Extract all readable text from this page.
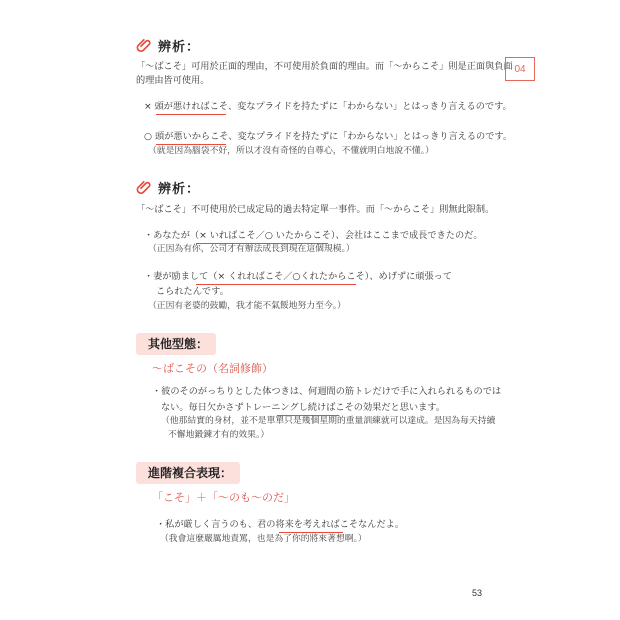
辨析：
「～ばこそ」可用於正面的理由，不可使用於負面的理由。而「～からこそ」則是正面與負面
的理由皆可使用。
× 頭が悪ければこそ、変なプライドを持たずに「わからない」とはっきり言えるのです。
○ 頭が悪いからこそ、変なプライドを持たずに「わからない」とはっきり言えるのです。
（就是因為腦袋不好，所以才沒有奇怪的自尊心，不懂就明白地說不懂。）
04
辨析：
「～ばこそ」不可使用於已成定局的過去特定單一事件。而「～からこそ」則無此限制。
・あなたが（× いればこそ／○ いたからこそ）、会社はここまで成長できたのだ。
（正因為有你，公司才有辦法成長到現在這個規模。）
・妻が励まして（× くれればこそ／○くれたからこそ）、めげずに頑張って
こられたんです。
（正因有老婆的鼓勵，我才能不氣餒地努力至今。）
其他型態：
～ばこその（名詞修飾）
・彼のそのがっちりとした体つきは、何週間の筋トレだけで手に入れられるものでは
ない。毎日欠かさずトレーニングし続けばこその効果だと思います。
（他那結實的身材，並不是單單只是幾個星期的重量訓練就可以達成。是因為每天持續
不懈地鍛鍊才有的效果。）
進階複合表現：
「こそ」＋「～のも～のだ」
・私が厳しく言うのも、君の将来を考えればこそなんだよ。
（我會這麼嚴厲地責罵，也是為了你的將來著想啊。）
53
